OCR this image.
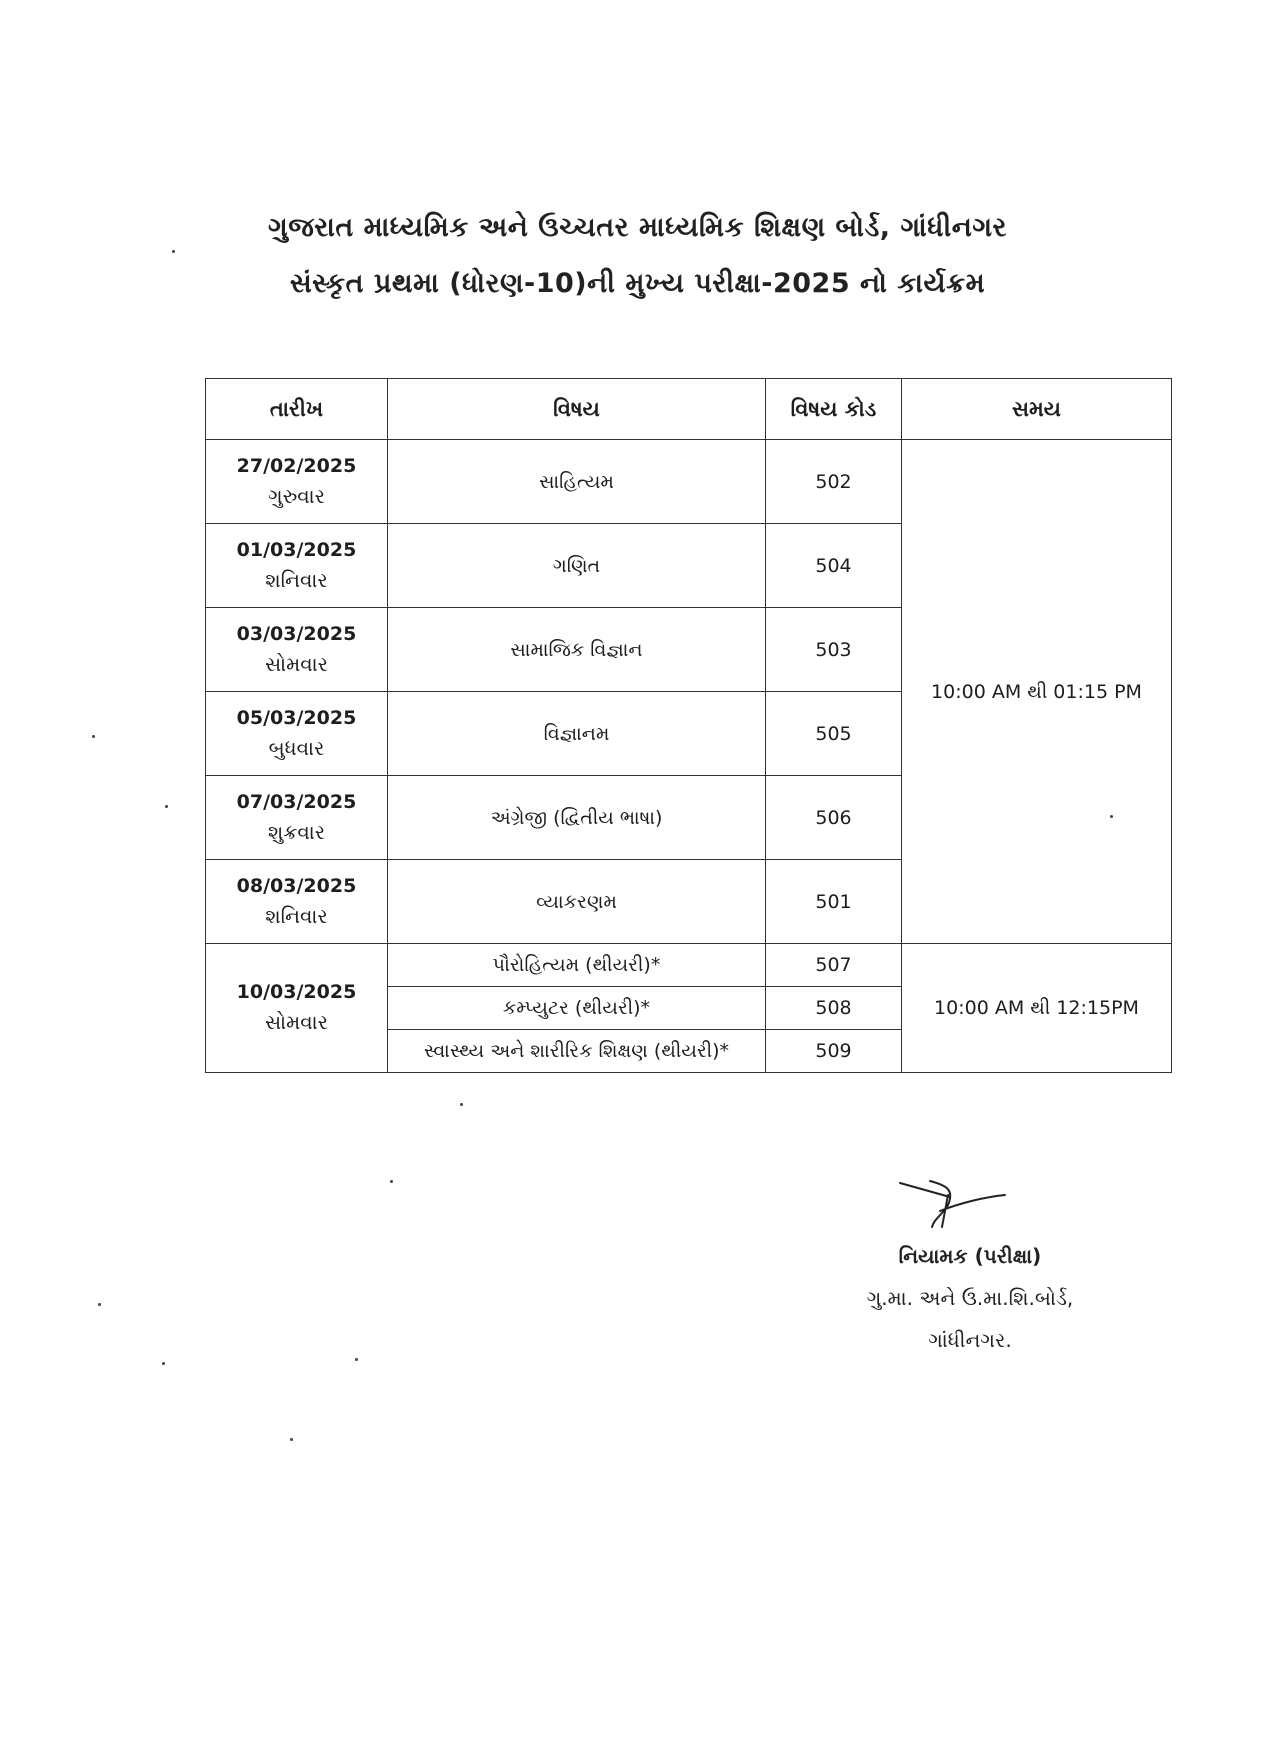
ગુજરાત માધ્યમિક અને ઉચ્ચતર માધ્યમિક શિક્ષણ બોર્ડ, ગાંધીનગર
સંસ્કૃત પ્રથમા (ધોરણ-10)ની મુખ્ય પરીક્ષા-2025 નો કાર્યક્રમ
તારીખ	વિષય	વિષય કોડ	સમય

27/02/2025
ગુરુવાર	સાહિત્યમ	502	10:00 AM થી 01:15 PM

01/03/2025
શનિવાર	ગણિત	504	

03/03/2025
સોમવાર	સામાજિક વિજ્ઞાન	503	

05/03/2025
બુધવાર	વિજ્ઞાનમ	505	

07/03/2025
શુક્રવાર	અંગ્રેજી (દ્વિતીય ભાષા)	506	

08/03/2025
શનિવાર	વ્યાકરણમ	501	

10/03/2025
સોમવાર	પૌરોહિત્યમ (થીયરી)*	507	10:00 AM થી 12:15PM
	કમ્પ્યુટર (થીયરી)*	508	
	સ્વાસ્થ્ય અને શારીરિક શિક્ષણ (થીયરી)*	509	
નિયામક (પરીક્ષા)
ગુ.મા. અને ઉ.મા.શિ.બોર્ડ,
ગાંધીનગર.
